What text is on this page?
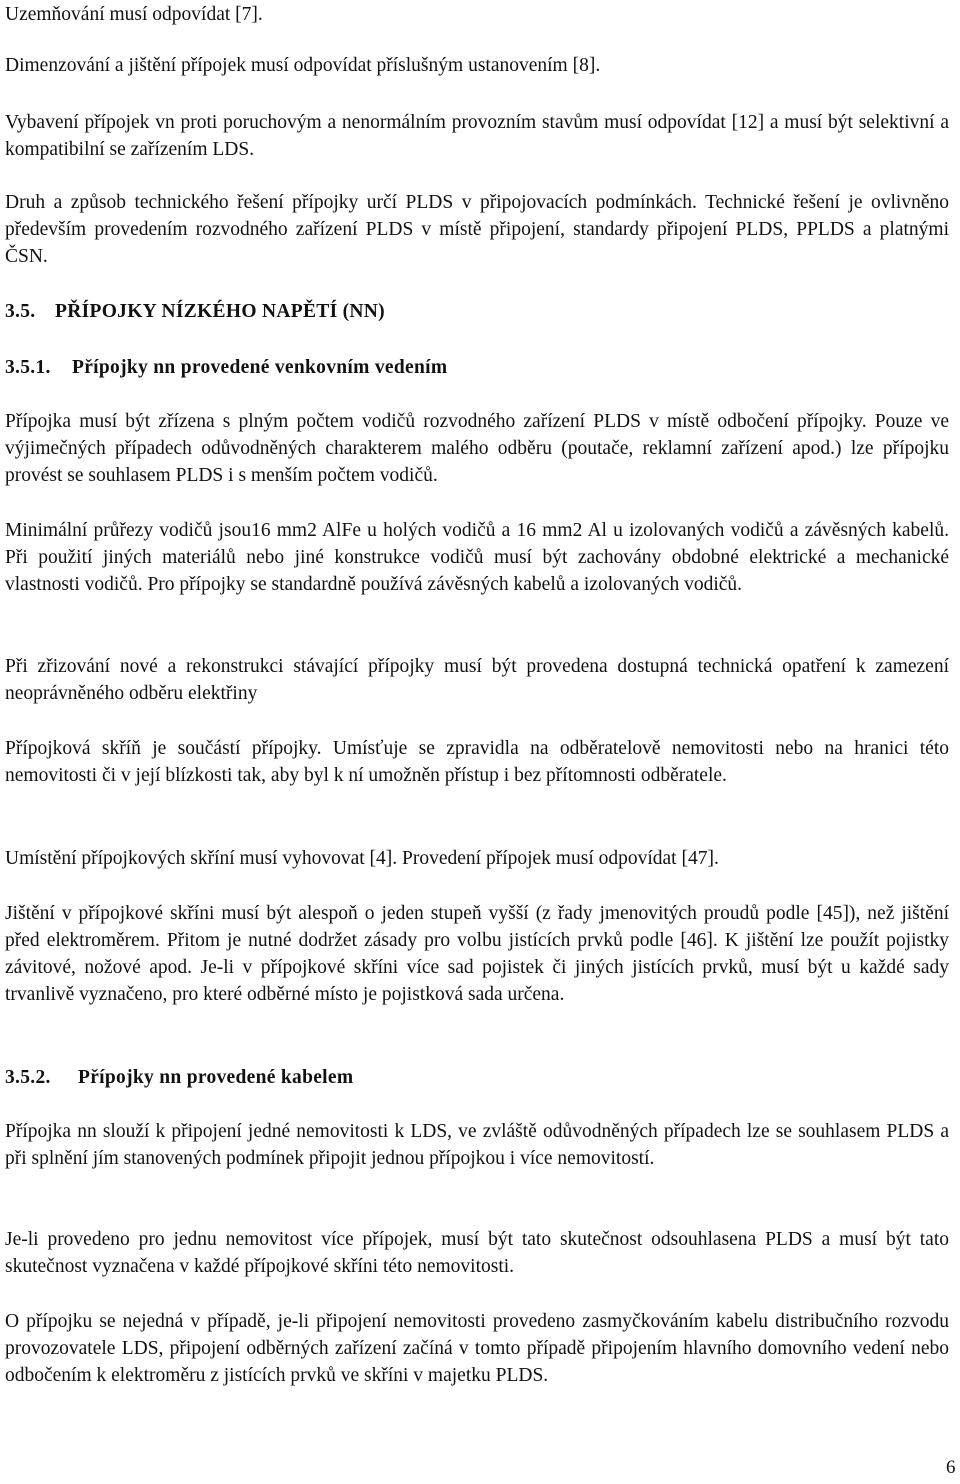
Uzemňování musí odpovídat [7].

Dimenzování a jištění přípojek musí odpovídat příslušným ustanovením [8].

Vybavení přípojek vn proti poruchovým a nenormálním provozním stavům musí odpovídat [12] a musí být selektivní a kompatibilní se zařízením LDS.

Druh a způsob technického řešení přípojky určí PLDS v připojovacích podmínkách. Technické řešení je ovlivněno především provedením rozvodného zařízení PLDS v místě připojení, standardy připojení PLDS, PPLDS a platnými ČSN.

3.5. PŘÍPOJKY NÍZKÉHO NAPĚTÍ (NN)
3.5.1. Přípojky nn provedené venkovním vedením

Přípojka musí být zřízena s plným počtem vodičů rozvodného zařízení PLDS v místě odbočení přípojky. Pouze ve výjimečných případech odůvodněných charakterem malého odběru (poutače, reklamní zařízení apod.) lze přípojku provést se souhlasem PLDS i s menším počtem vodičů.

Minimální průřezy vodičů jsou16 mm2 AlFe u holých vodičů a 16 mm2 Al u izolovaných vodičů a závěsných kabelů. Při použití jiných materiálů nebo jiné konstrukce vodičů musí být zachovány obdobné elektrické a mechanické vlastnosti vodičů. Pro přípojky se standardně používá závěsných kabelů a izolovaných vodičů.

Při zřizování nové a rekonstrukci stávající přípojky musí být provedena dostupná technická opatření k zamezení neoprávněného odběru elektřiny

Přípojková skříň je součástí přípojky. Umísťuje se zpravidla na odběratelově nemovitosti nebo na hranici této nemovitosti či v její blízkosti tak, aby byl k ní umožněn přístup i bez přítomnosti odběratele.

Umístění přípojkových skříní musí vyhovovat [4]. Provedení přípojek musí odpovídat [47].

Jištění v přípojkové skříni musí být alespoň o jeden stupeň vyšší (z řady jmenovitých proudů podle [45]), než jištění před elektroměrem. Přitom je nutné dodržet zásady pro volbu jistících prvků podle [46]. K jištění lze použít pojistky závitové, nožové apod. Je-li v přípojkové skříni více sad pojistek či jiných jistících prvků, musí být u každé sady trvanlivě vyznačeno, pro které odběrné místo je pojistková sada určena.

3.5.2. Přípojky nn provedené kabelem

Přípojka nn slouží k připojení jedné nemovitosti k LDS, ve zvláště odůvodněných případech lze se souhlasem PLDS a při splnění jím stanovených podmínek připojit jednou přípojkou i více nemovitostí.

Je-li provedeno pro jednu nemovitost více přípojek, musí být tato skutečnost odsouhlasena PLDS a musí být tato skutečnost vyznačena v každé přípojkové skříni této nemovitosti.

O přípojku se nejedná v případě, je-li připojení nemovitosti provedeno zasmyčkováním kabelu distribučního rozvodu provozovatele LDS, připojení odběrných zařízení začíná v tomto případě připojením hlavního domovního vedení nebo odbočením k elektroměru z jistících prvků ve skříni v majetku PLDS.

6
